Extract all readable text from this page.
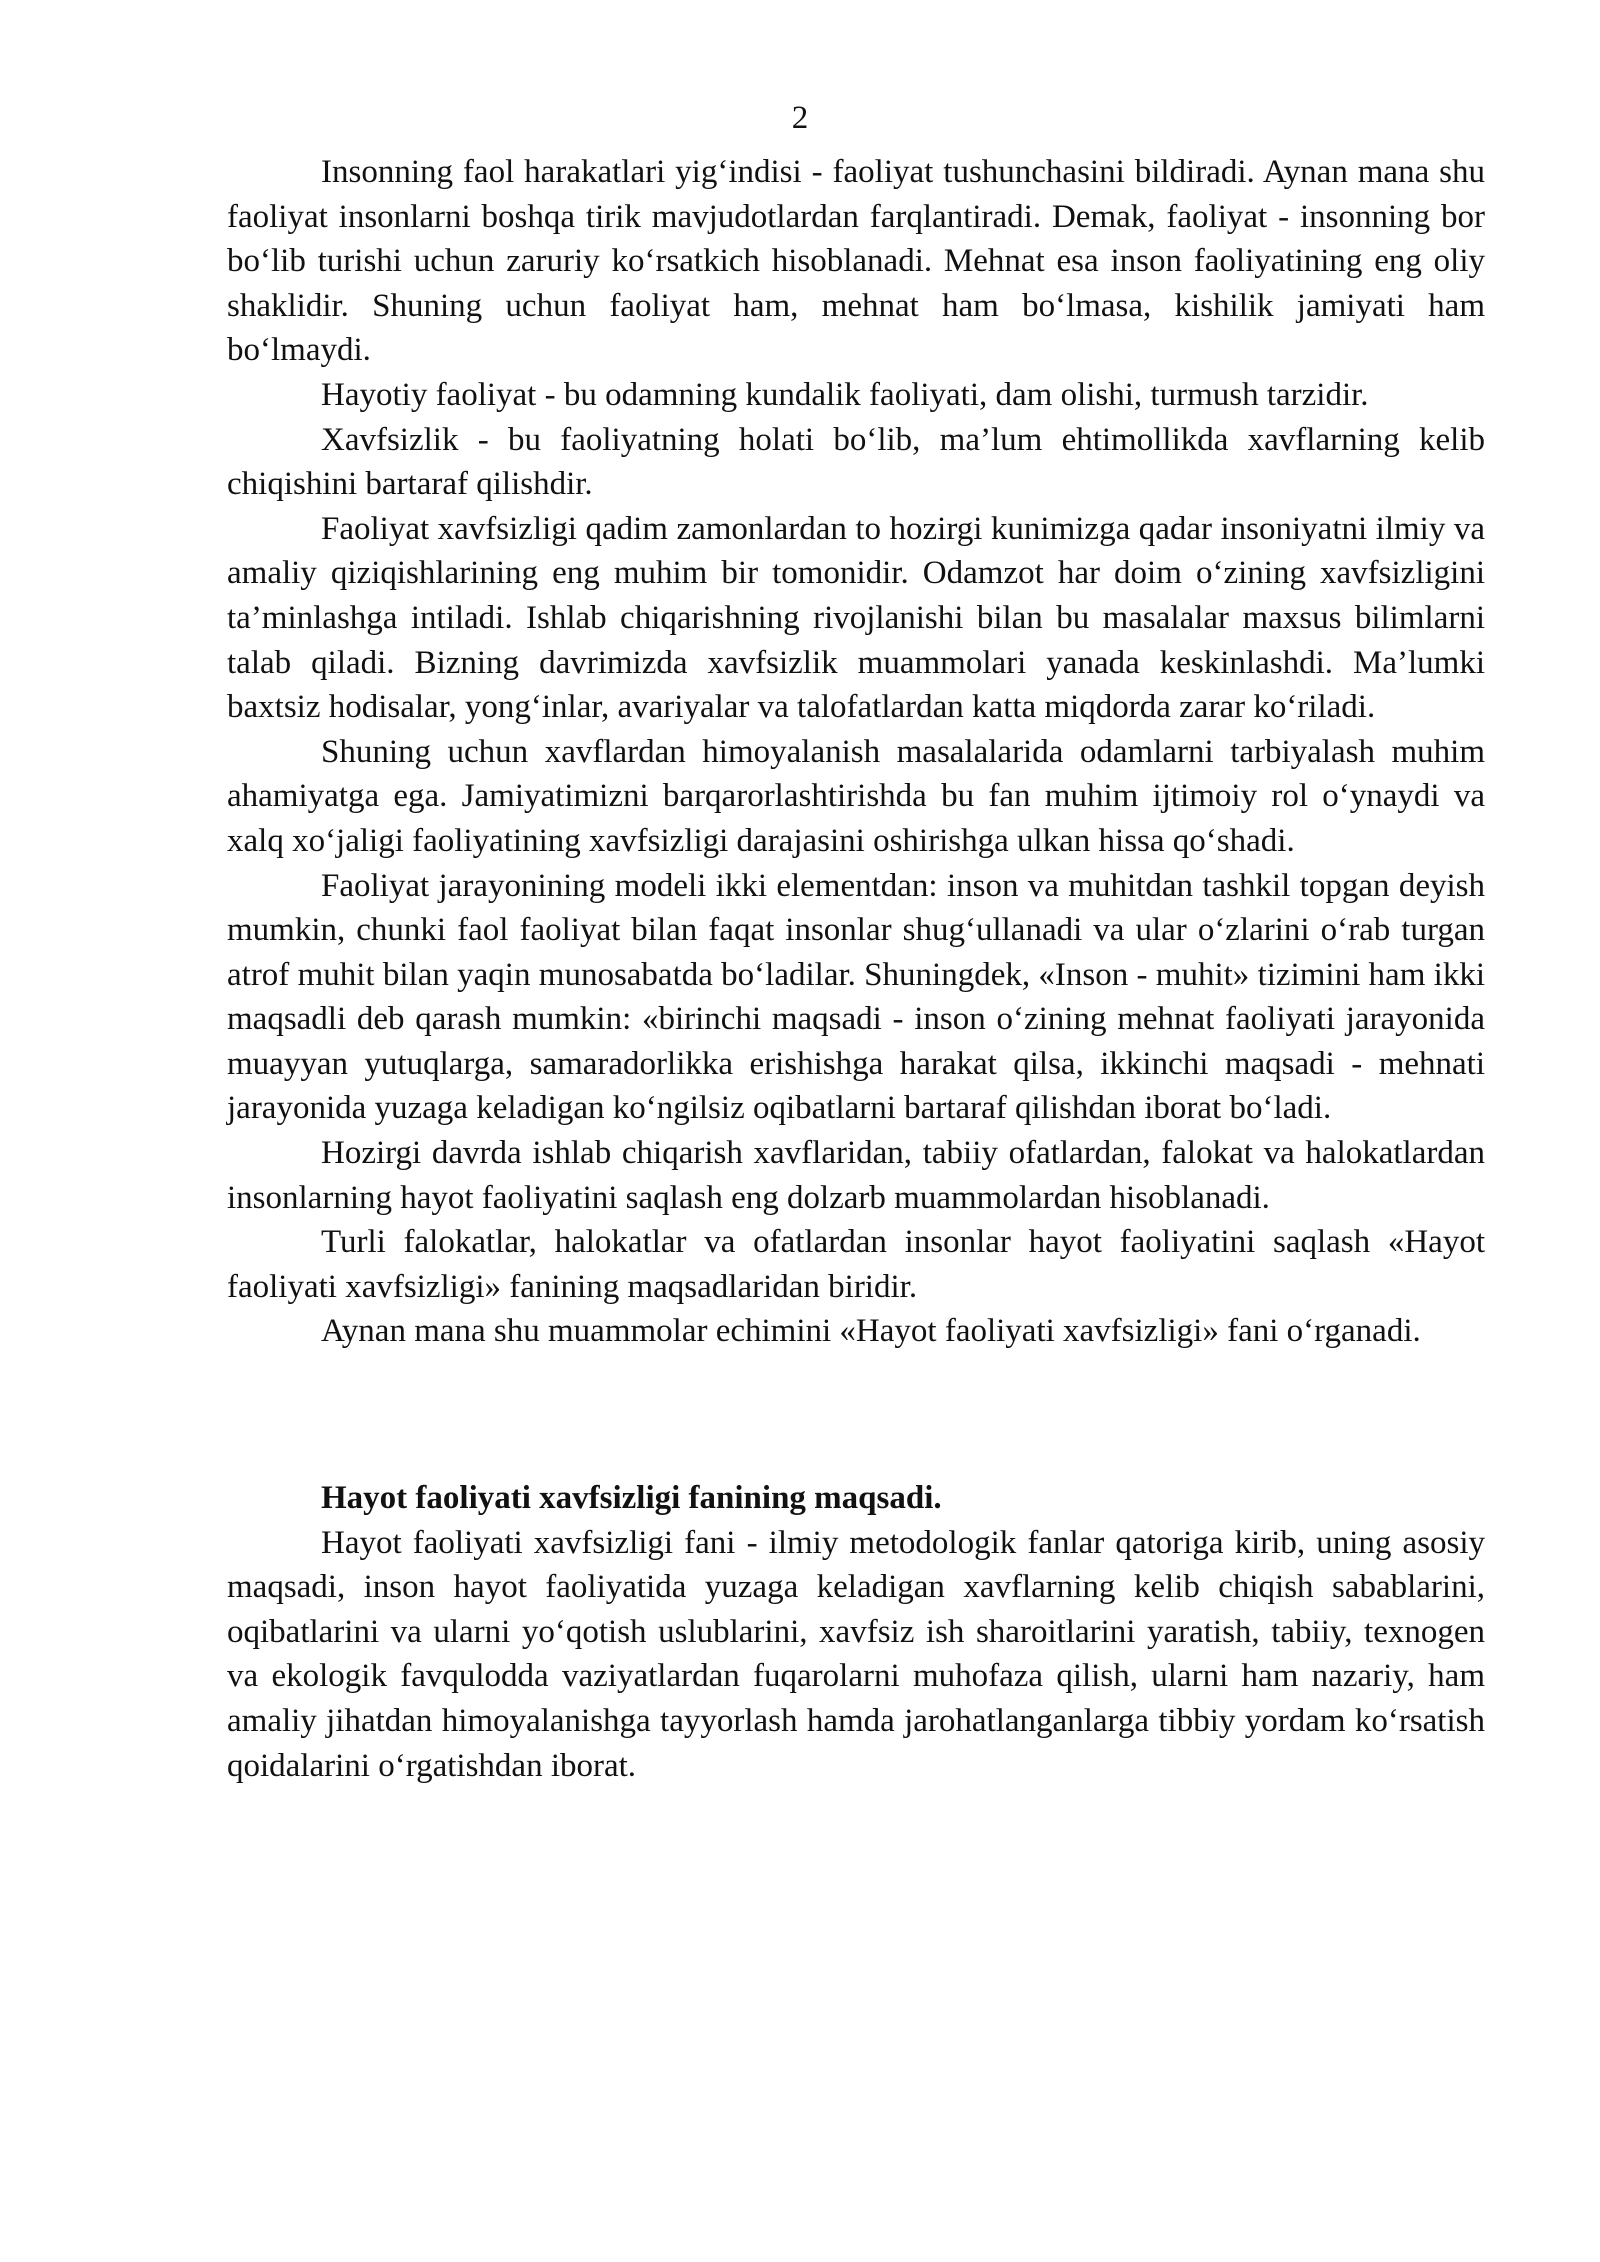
2

Insonning faol harakatlari yig‘indisi - faoliyat tushunchasini bildiradi. Aynan mana shu faoliyat insonlarni boshqa tirik mavjudotlardan farqlantiradi. Demak, faoliyat - insonning bor bo‘lib turishi uchun zaruriy ko‘rsatkich hisoblanadi. Mehnat esa inson faoliyatining eng oliy shaklidir. Shuning uchun faoliyat ham, mehnat ham bo‘lmasa, kishilik jamiyati ham bo‘lmaydi.

Hayotiy faoliyat - bu odamning kundalik faoliyati, dam olishi, turmush tarzidir.

Xavfsizlik - bu faoliyatning holati bo‘lib, ma’lum ehtimollikda xavflarning kelib chiqishini bartaraf qilishdir.

Faoliyat xavfsizligi qadim zamonlardan to hozirgi kunimizga qadar insoniyatni ilmiy va amaliy qiziqishlarining eng muhim bir tomonidir. Odamzot har doim o‘zining xavfsizligini ta’minlashga intiladi. Ishlab chiqarishning rivojlanishi bilan bu masalalar maxsus bilimlarni talab qiladi. Bizning davrimizda xavfsizlik muammolari yanada keskinlashdi. Ma’lumki baxtsiz hodisalar, yong‘inlar, avariyalar va talofatlardan katta miqdorda zarar ko‘riladi.

Shuning uchun xavflardan himoyalanish masalalarida odamlarni tarbiyalash muhim ahamiyatga ega. Jamiyatimizni barqarorlashtirishda bu fan muhim ijtimoiy rol o‘ynaydi va xalq xo‘jaligi faoliyatining xavfsizligi darajasini oshirishga ulkan hissa qo‘shadi.

Faoliyat jarayonining modeli ikki elementdan: inson va muhitdan tashkil topgan deyish mumkin, chunki faol faoliyat bilan faqat insonlar shug‘ullanadi va ular o‘zlarini o‘rab turgan atrof muhit bilan yaqin munosabatda bo‘ladilar. Shuningdek, «Inson - muhit» tizimini ham ikki maqsadli deb qarash mumkin: «birinchi maqsadi - inson o‘zining mehnat faoliyati jarayonida muayyan yutuqlarga, samaradorlikka erishishga harakat qilsa, ikkinchi maqsadi - mehnati jarayonida yuzaga keladigan ko‘ngilsiz oqibatlarni bartaraf qilishdan iborat bo‘ladi.

Hozirgi davrda ishlab chiqarish xavflaridan, tabiiy ofatlardan, falokat va halokatlardan insonlarning hayot faoliyatini saqlash eng dolzarb muammolardan hisoblanadi.

Turli falokatlar, halokatlar va ofatlardan insonlar hayot faoliyatini saqlash «Hayot faoliyati xavfsizligi» fanining maqsadlaridan biridir.

Aynan mana shu muammolar echimini «Hayot faoliyati xavfsizligi» fani o‘rganadi.

Hayot faoliyati xavfsizligi fanining maqsadi.

Hayot faoliyati xavfsizligi fani - ilmiy metodologik fanlar qatoriga kirib, uning asosiy maqsadi, inson hayot faoliyatida yuzaga keladigan xavflarning kelib chiqish sabablarini, oqibatlarini va ularni yo‘qotish uslublarini, xavfsiz ish sharoitlarini yaratish, tabiiy, texnogen va ekologik favqulodda vaziyatlardan fuqarolarni muhofaza qilish, ularni ham nazariy, ham amaliy jihatdan himoyalanishga tayyorlash hamda jarohatlanganlarga tibbiy yordam ko‘rsatish qoidalarini o‘rgatishdan iborat.
